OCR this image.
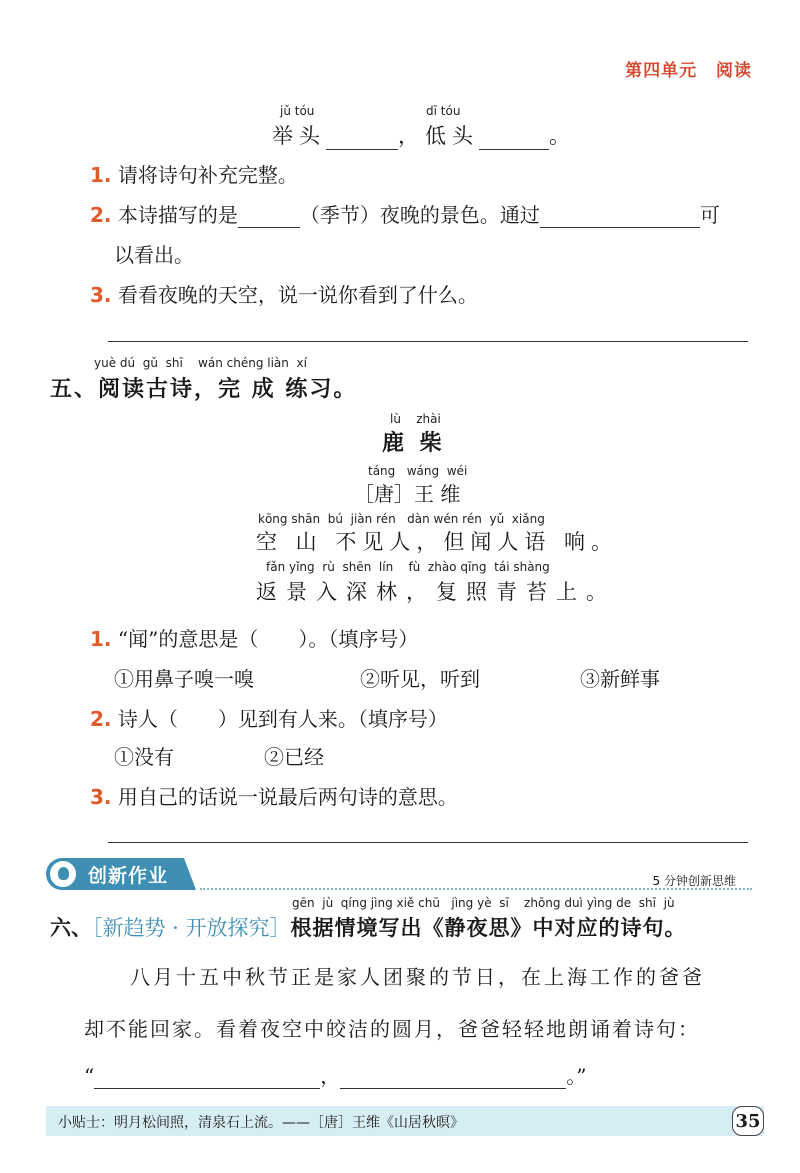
第四单元 阅读
jǔ tóu	dī tóu
举头	，低头	。
1. 请将诗句补充完整。
2. 本诗描写的是	（季节）夜晚的景色。通过	可
以看出。
3. 看看夜晚的天空，说一说你看到了什么。
yuè dú  gǔ  shī    wán chéng liàn  xí
五、阅读古诗，完 成 练习。
lù    zhài
鹿 柴
táng   wáng  wéi
［唐］王 维
kōng shān  bú  jiàn rén   dàn wén rén  yǔ  xiǎng
空 山 不见人，但闻人语 响。
fǎn yǐng  rù  shēn  lín    fù  zhào qīng  tái shàng
返景入深林，复照青苔上。
1. “闻”的意思是（　　）。（填序号）
①用鼻子嗅一嗅	②听见，听到	③新鲜事
2. 诗人（　　）见到有人来。（填序号）
①没有	②已经
3. 用自己的话说一说最后两句诗的意思。
创新作业	5 分钟创新思维
gēn  jù  qíng jìng xiě chū   jìng yè  sī    zhōng duì yìng de  shī  jù
六、［新趋势 · 开放探究］根据情境写出《静夜思》中对应的诗句。
八月十五中秋节正是家人团聚的节日，在上海工作的爸爸
却不能回家。看着夜空中皎洁的圆月，爸爸轻轻地朗诵着诗句：
“	，	。”
小贴士：明月松间照，清泉石上流。——［唐］王维《山居秋暝》	35
